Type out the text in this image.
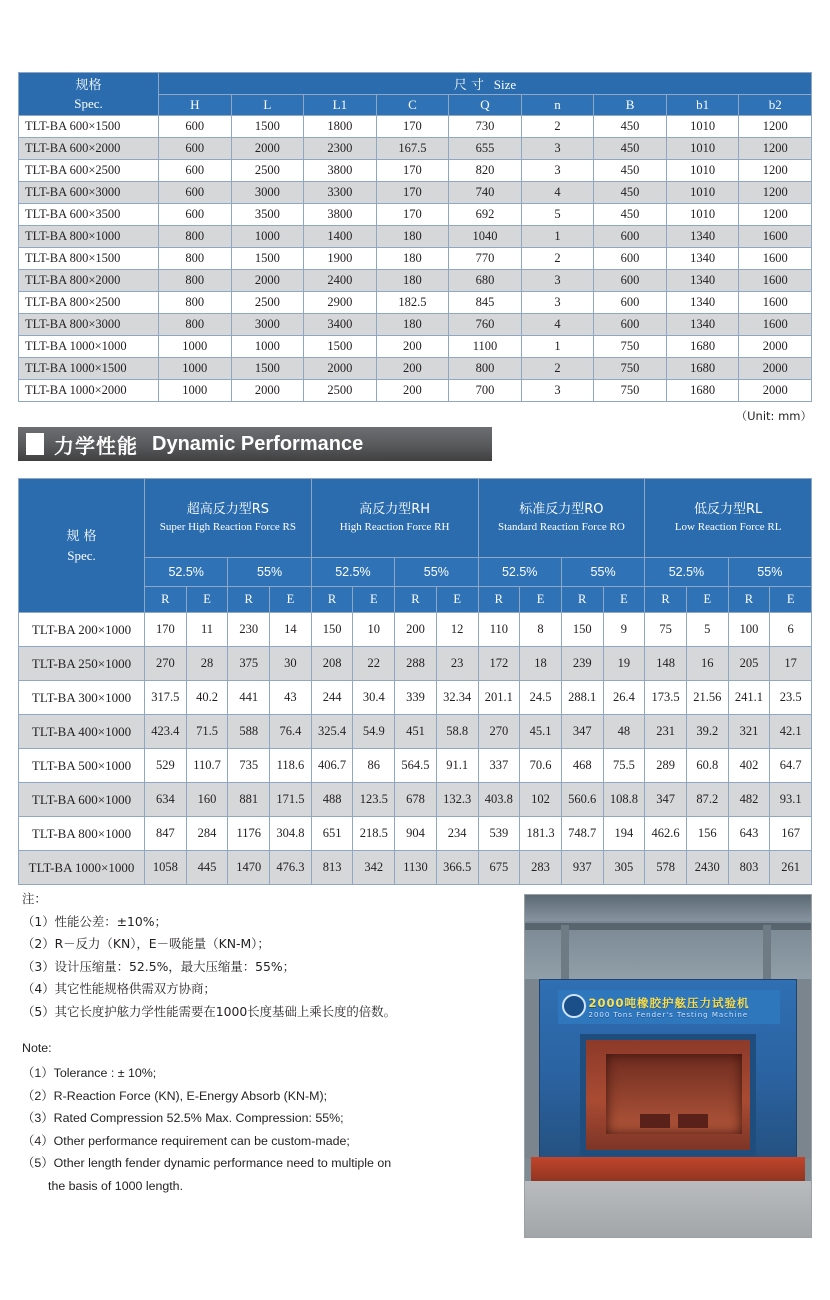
规格
Spec.	尺 寸 Size								
	H	L	L1	C	Q	n	B	b1	b2
TLT-BA 600×1500	600	1500	1800	170	730	2	450	1010	1200
TLT-BA 600×2000	600	2000	2300	167.5	655	3	450	1010	1200
TLT-BA 600×2500	600	2500	3800	170	820	3	450	1010	1200
TLT-BA 600×3000	600	3000	3300	170	740	4	450	1010	1200
TLT-BA 600×3500	600	3500	3800	170	692	5	450	1010	1200
TLT-BA 800×1000	800	1000	1400	180	1040	1	600	1340	1600
TLT-BA 800×1500	800	1500	1900	180	770	2	600	1340	1600
TLT-BA 800×2000	800	2000	2400	180	680	3	600	1340	1600
TLT-BA 800×2500	800	2500	2900	182.5	845	3	600	1340	1600
TLT-BA 800×3000	800	3000	3400	180	760	4	600	1340	1600
TLT-BA 1000×1000	1000	1000	1500	200	1100	1	750	1680	2000
TLT-BA 1000×1500	1000	1500	2000	200	800	2	750	1680	2000
TLT-BA 1000×2000	1000	2000	2500	200	700	3	750	1680	2000
（Unit: mm）
力学性能 Dynamic Performance
规 格
Spec.	超高反力型RS
Super High Reaction Force RS				高反力型RH
High Reaction Force RH				标准反力型RO
Standard Reaction Force RO				低反力型RL
Low Reaction Force RL			

	52.5%		55%		52.5%		55%		52.5%		55%		52.5%		55%	
	R	E	R	E	R	E	R	E	R	E	R	E	R	E	R	E
TLT-BA 200×1000	170	11	230	14	150	10	200	12	110	8	150	9	75	5	100	6
TLT-BA 250×1000	270	28	375	30	208	22	288	23	172	18	239	19	148	16	205	17
TLT-BA 300×1000	317.5	40.2	441	43	244	30.4	339	32.34	201.1	24.5	288.1	26.4	173.5	21.56	241.1	23.5
TLT-BA 400×1000	423.4	71.5	588	76.4	325.4	54.9	451	58.8	270	45.1	347	48	231	39.2	321	42.1
TLT-BA 500×1000	529	110.7	735	118.6	406.7	86	564.5	91.1	337	70.6	468	75.5	289	60.8	402	64.7
TLT-BA 600×1000	634	160	881	171.5	488	123.5	678	132.3	403.8	102	560.6	108.8	347	87.2	482	93.1
TLT-BA 800×1000	847	284	1176	304.8	651	218.5	904	234	539	181.3	748.7	194	462.6	156	643	167
TLT-BA 1000×1000	1058	445	1470	476.3	813	342	1130	366.5	675	283	937	305	578	2430	803	261
注：
（1）性能公差：±10%；
（2）R－反力（KN），E－吸能量（KN-M）；
（3）设计压缩量：52.5%，最大压缩量：55%；
（4）其它性能规格供需双方协商；
（5）其它长度护舷力学性能需要在1000长度基础上乘长度的倍数。
Note:
（1）Tolerance : ± 10%;
（2）R-Reaction Force (KN), E-Energy Absorb (KN-M);
（3）Rated Compression 52.5% Max. Compression: 55%;
（4）Other performance requirement can be custom-made;
（5）Other length fender dynamic performance need to multiple on
the basis of 1000 length.
2000吨橡胶护舷压力试验机
2000 Tons Fender's Testing Machine
